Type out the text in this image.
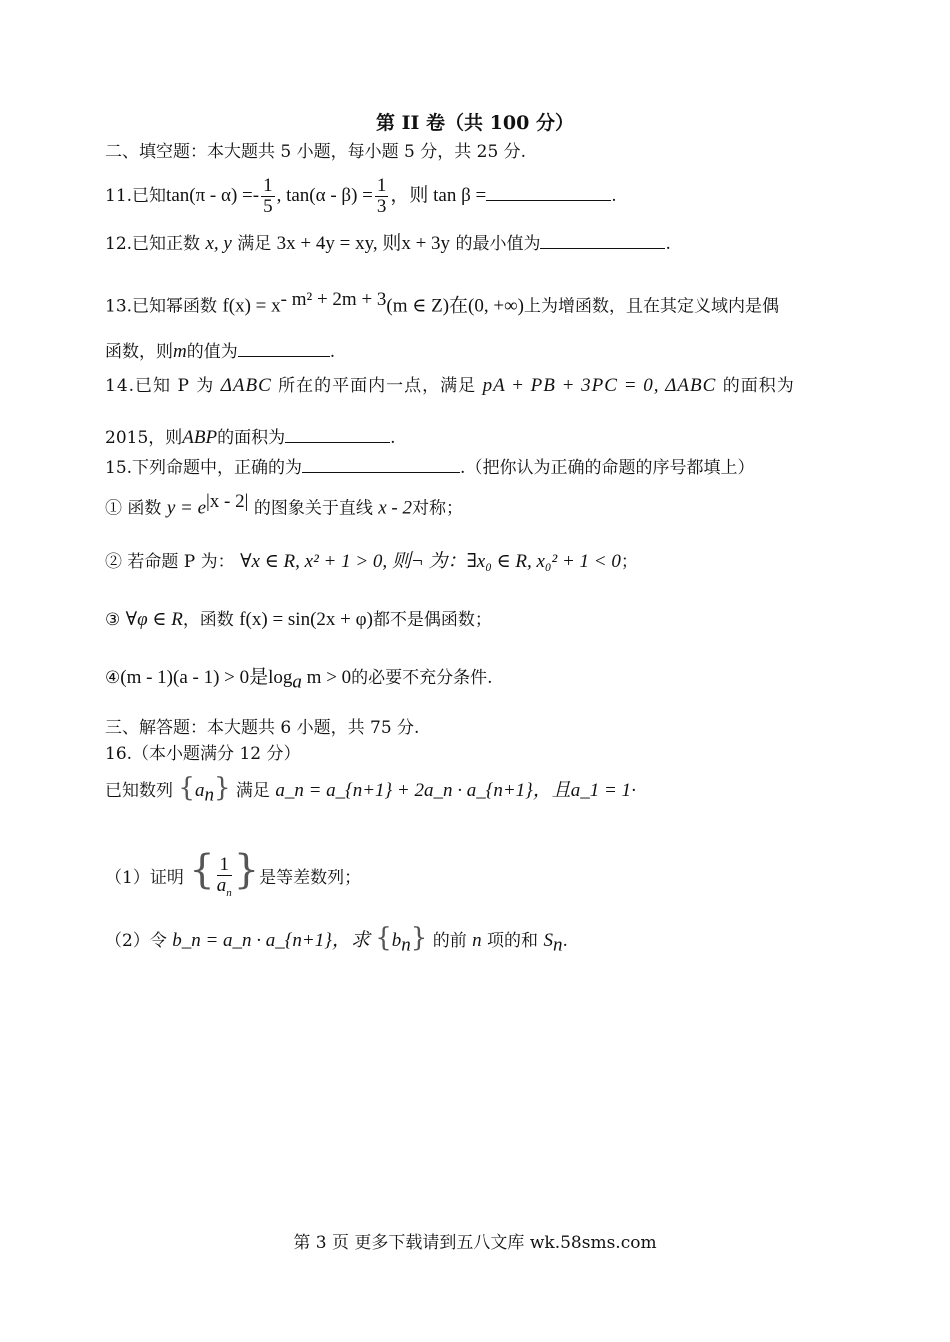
第 II 卷（共 100 分）
二、填空题：本大题共 5 小题，每小题 5 分，共 25 分.
11.已知$\tan(\pi - \alpha) =- \frac{1}{5}$ , $\tan(\alpha - \beta) = \frac{1}{3}$ ，则 tan β =	.
12.已知正数 x, y 满足 3x + 4y = xy, 则x + 3y 的最小值为	.
13.已知幂函数 $f(x) = x^{- m^2 + 2m + 3}(m$ ∈ Z)在(0, +∞)上为增函数，且在其定义域内是偶
函数，则m的值为	.
14.已知 P 为 ΔABC 所在的平面内一点，满足 pA + PB + 3PC = 0, ΔABC 的面积为
2015，则ABP的面积为	.
15.下列命题中，正确的为	.（把你认为正确的命题的序号都填上）
① 函数 $y = e^{|x - 2|}$ 的图象关于直线 x - 2对称；
② 若命题 P 为： ∀x ∈ R, x² + 1 > 0, 则¬ 为：∃x₀ ∈ R, x₀² + 1 < 0；
③ ∀φ ∈ R，函数 f(x) = sin(2x + φ)都不是偶函数；
④(m - 1)(a - 1) > 0是$\log_a m > 0$的必要不充分条件.
三、解答题：本大题共 6 小题，共 75 分.
16.（本小题满分 12 分）
已知数列 $\{a_n\}$ 满足 a_n = a_{n+1} + 2a_n · a_{n+1}，且a_1 = 1·
（1）证明 { $\frac{1}{a_n}$ }是等差数列；
（2）令 b_n = a_n · a_{n+1}，求 $\{b_n\}$ 的前 n 项的和 $S_n$.
第 3 页 更多下载请到五八文库 wk.58sms.com
